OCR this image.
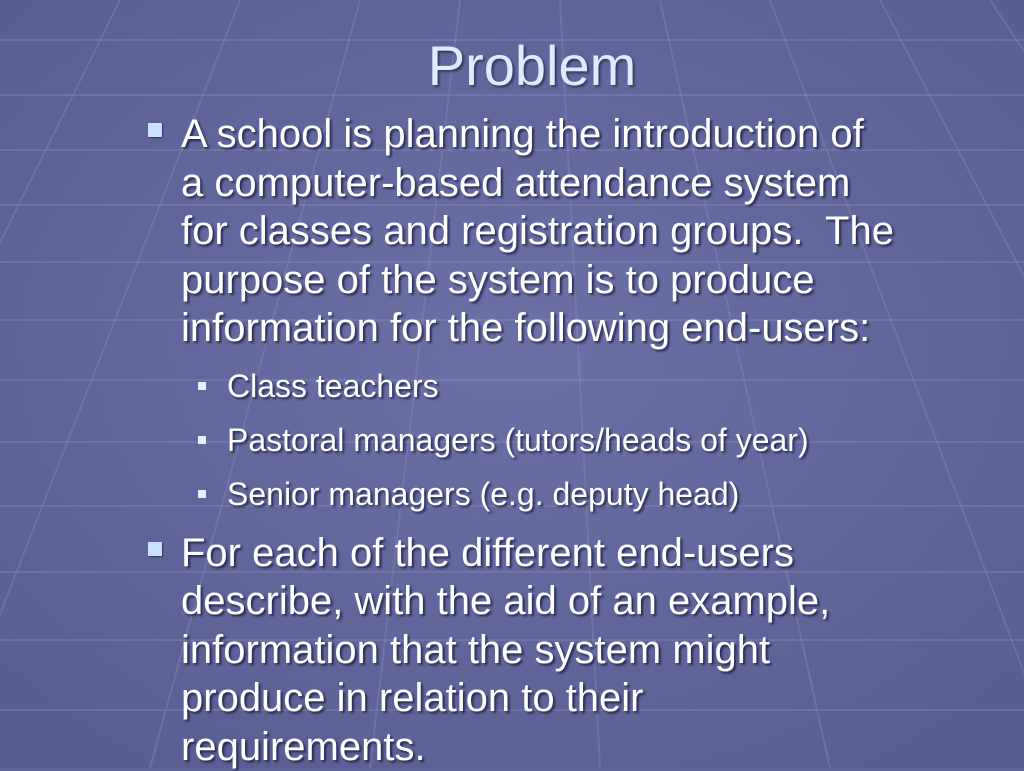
Problem
A school is planning the introduction of
a computer-based attendance system
for classes and registration groups.  The
purpose of the system is to produce
information for the following end-users:
Class teachers
Pastoral managers (tutors/heads of year)
Senior managers (e.g. deputy head)
For each of the different end-users
describe, with the aid of an example,
information that the system might
produce in relation to their
requirements.
